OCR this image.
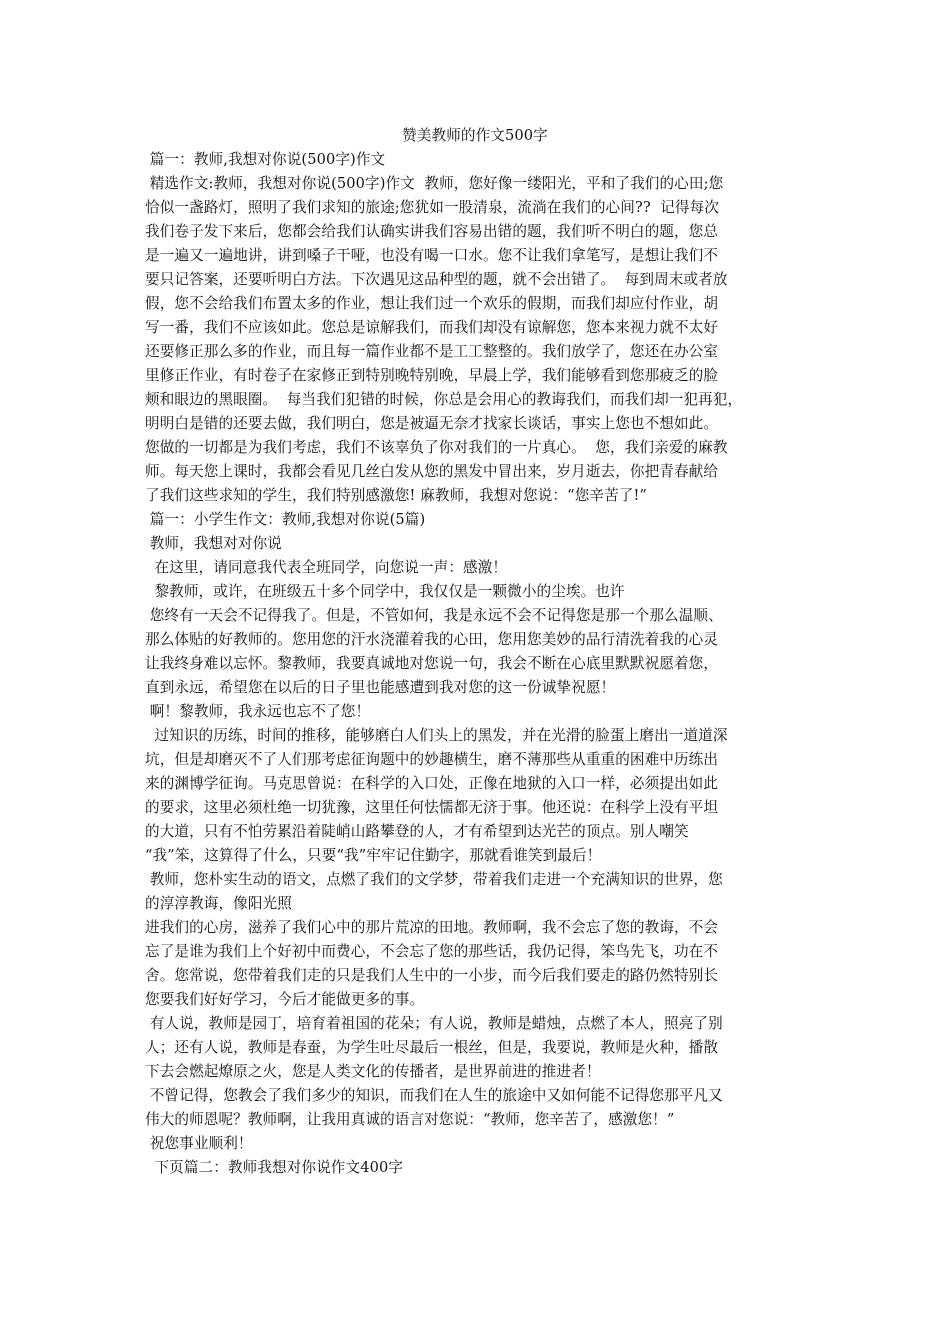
赞美教师的作文500字
篇一：教师,我想对你说(500字)作文
精选作文:教师，我想对你说(500字)作文  教师，您好像一缕阳光，平和了我们的心田;您
恰似一盏路灯，照明了我们求知的旅途;您犹如一股清泉，流淌在我们的心间??  记得每次
我们卷子发下来后，您都会给我们认确实讲我们容易出错的题，我们听不明白的题，您总
是一遍又一遍地讲，讲到嗓子干哑，也没有喝一口水。您不让我们拿笔写，是想让我们不
要只记答案，还要听明白方法。下次遇见这品种型的题，就不会出错了。  每到周末或者放
假，您不会给我们布置太多的作业，想让我们过一个欢乐的假期，而我们却应付作业，胡
写一番，我们不应该如此。您总是谅解我们，而我们却没有谅解您，您本来视力就不太好
还要修正那么多的作业，而且每一篇作业都不是工工整整的。我们放学了，您还在办公室
里修正作业，有时卷子在家修正到特别晚特别晚，早晨上学，我们能够看到您那疲乏的脸
颊和眼边的黑眼圈。  每当我们犯错的时候，你总是会用心的教诲我们，而我们却一犯再犯，
明明白是错的还要去做，我们明白，您是被逼无奈才找家长谈话，事实上您也不想如此。
您做的一切都是为我们考虑，我们不该辜负了你对我们的一片真心。  您，我们亲爱的麻教
师。每天您上课时，我都会看见几丝白发从您的黑发中冒出来，岁月逝去，你把青春献给
了我们这些求知的学生，我们特别感激您! 麻教师，我想对您说：“您辛苦了!”
篇一：小学生作文：教师,我想对你说(5篇)
教师，我想对对你说
在这里，请同意我代表全班同学，向您说一声：感激！
黎教师，或许，在班级五十多个同学中，我仅仅是一颗微小的尘埃。也许
您终有一天会不记得我了。但是，不管如何，我是永远不会不记得您是那一个那么温顺、
那么体贴的好教师的。您用您的汗水浇灌着我的心田，您用您美妙的品行清洗着我的心灵
让我终身难以忘怀。黎教师，我要真诚地对您说一句，我会不断在心底里默默祝愿着您，
直到永远，希望您在以后的日子里也能感遭到我对您的这一份诚挚祝愿！
啊！黎教师，我永远也忘不了您！
过知识的历练，时间的推移，能够磨白人们头上的黑发，并在光滑的脸蛋上磨出一道道深
坑，但是却磨灭不了人们那考虑征询题中的妙趣横生，磨不薄那些从重重的困难中历练出
来的渊博学征询。马克思曾说：在科学的入口处，正像在地狱的入口一样，必须提出如此
的要求，这里必须杜绝一切犹豫，这里任何怯懦都无济于事。他还说：在科学上没有平坦
的大道，只有不怕劳累沿着陡峭山路攀登的人，才有希望到达光芒的顶点。别人嘲笑
“我”笨，这算得了什么，只要“我”牢牢记住勤字，那就看谁笑到最后！
教师，您朴实生动的语文，点燃了我们的文学梦，带着我们走进一个充满知识的世界，您
的淳淳教诲，像阳光照
进我们的心房，滋养了我们心中的那片荒凉的田地。教师啊，我不会忘了您的教诲，不会
忘了是谁为我们上个好初中而费心，不会忘了您的那些话，我仍记得，笨鸟先飞，功在不
舍。您常说，您带着我们走的只是我们人生中的一小步，而今后我们要走的路仍然特别长
您要我们好好学习，今后才能做更多的事。
有人说，教师是园丁，培育着祖国的花朵；有人说，教师是蜡烛，点燃了本人，照亮了别
人；还有人说，教师是春蚕，为学生吐尽最后一根丝，但是，我要说，教师是火种，播散
下去会燃起燎原之火，您是人类文化的传播者，是世界前进的推进者！
不曾记得，您教会了我们多少的知识，而我们在人生的旅途中又如何能不记得您那平凡又
伟大的师恩呢？教师啊，让我用真诚的语言对您说：“教师，您辛苦了，感激您！”
祝您事业顺利！
下页篇二：教师我想对你说作文400字
